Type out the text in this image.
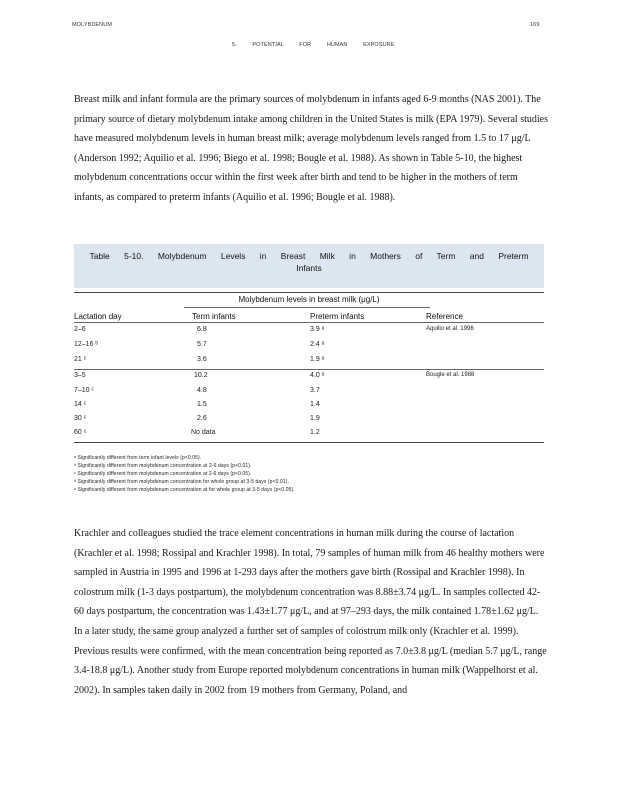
MOLYBDENUM	169
5. POTENTIAL FOR HUMAN EXPOSURE

Breast milk and infant formula are the primary sources of molybdenum in infants aged 6-9 months (NAS 2001). The primary source of dietary molybdenum intake among children in the United States is milk (EPA 1979). Several studies have measured molybdenum levels in human breast milk; average molybdenum levels ranged from 1.5 to 17 μg/L (Anderson 1992; Aquilio et al. 1996; Biego et al. 1998; Bougle et al. 1988). As shown in Table 5-10, the highest molybdenum concentrations occur within the first week after birth and tend to be higher in the mothers of term infants, as compared to preterm infants (Aquilio et al. 1996; Bougle et al. 1988).

Table 5-10. Molybdenum Levels in Breast Milk in Mothers of Term and Preterm Infants
Molybdenum levels in breast milk (μg/L)
Lactation day	Term infants	Preterm infants	Reference
2–6	6.8	3.9 ᵃ	Aquilio et al. 1996
12–16 ᵇ	5.7	2.4 ᵃ
21 ᶜ	3.6	1.9 ᵃ
3–5	10.2	4.0 ᵃ	Bougle et al. 1988
7–10 ᶜ	4.8	3.7
14 ᶜ	1.5	1.4
30 ᶜ	2.6	1.9
60 ᶜ	No data	1.2
ᵃ Significantly different from term infant levels (p<0.05).
ᵇ Significantly different from molybdenum concentration at 2-6 days (p<0.01).
ᶜ Significantly different from molybdenum concentration at 2-6 days (p<0.05).
ᵈ Significantly different from molybdenum concentration for whole group at 3-5 days (p<0.01).
ᵉ Significantly different from molybdenum concentration at for whole group at 3-5 days (p<0.05).

Krachler and colleagues studied the trace element concentrations in human milk during the course of lactation (Krachler et al. 1998; Rossipal and Krachler 1998). In total, 79 samples of human milk from 46 healthy mothers were sampled in Austria in 1995 and 1996 at 1-293 days after the mothers gave birth (Rossipal and Krachler 1998). In colostrum milk (1-3 days postpartum), the molybdenum concentration was 8.88±3.74 μg/L. In samples collected 42-60 days postpartum, the concentration was 1.43±1.77 μg/L, and at 97–293 days, the milk contained 1.78±1.62 μg/L. In a later study, the same group analyzed a further set of samples of colostrum milk only (Krachler et al. 1999). Previous results were confirmed, with the mean concentration being reported as 7.0±3.8 μg/L (median 5.7 μg/L, range 3.4-18.8 μg/L). Another study from Europe reported molybdenum concentrations in human milk (Wappelhorst et al. 2002). In samples taken daily in 2002 from 19 mothers from Germany, Poland, and
